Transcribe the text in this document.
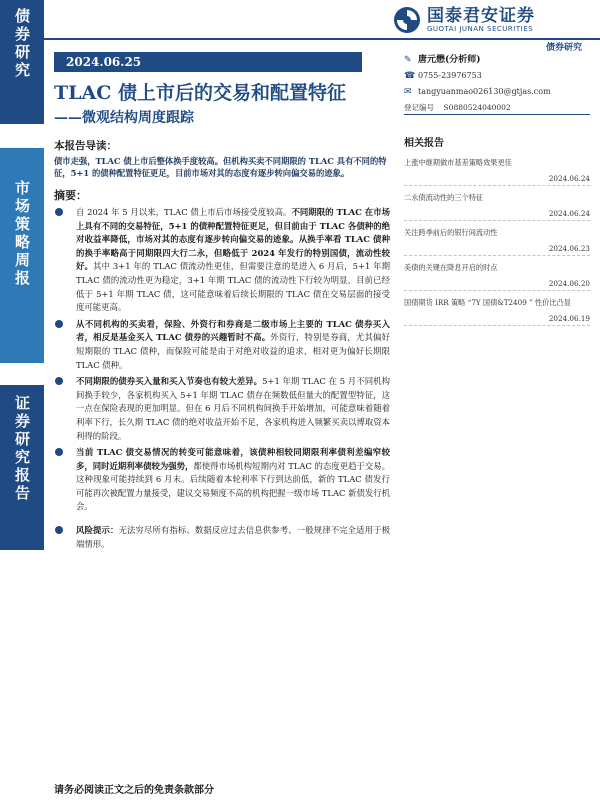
债券研究
市场策略周报
证券研究报告
国泰君安证券
GUOTAI JUNAN SECURITIES
债券研究
2024.06.25
TLAC 债上市后的交易和配置特征
——微观结构周度跟踪
本报告导读：
债市走强，TLAC 债上市后整体换手度较高。但机构买卖不同期限的 TLAC 具有不同的特征，5+1 的债种配置特征更足，目前市场对其的态度有逐步转向偏交易的迹象。
摘要：
自 2024 年 5 月以来，TLAC 债上市后市场接受度较高。不同期限的 TLAC 在市场上具有不同的交易特征，5+1 的债种配置特征更足，但目前由于 TLAC 各债种的绝对收益率降低，市场对其的态度有逐步转向偏交易的迹象。从换手率看 TLAC 债种的换手率略高于同期限四大行二永，但略低于 2024 年发行的特别国债，流动性较好。其中 3+1 年的 TLAC 债流动性更佳，但需要注意的是进入 6 月后，5+1 年期 TLAC 债的流动性更为稳定，3+1 年期 TLAC 债的流动性下行较为明显，目前已经低于 5+1 年期 TLAC 债，这可能意味着后续长期限的 TLAC 债在交易层面的接受度可能更高。
从不同机构的买卖看，保险、外资行和券商是二级市场上主要的 TLAC 债券买入者，相反是基金买入 TLAC 债券的兴趣暂时不高。外资行，特别是券商，尤其偏好短期限的 TLAC 债种，而保险可能是由于对绝对收益的追求，相对更为偏好长期限 TLAC 债种。
不同期限的债券买入量和买入节奏也有较大差异。5+1 年期 TLAC 在 5 月不同机构间换手较少，各家机构买入 5+1 年期 TLAC 债存在频数低但量大的配置型特征，这一点在保险表现的更加明显。但在 6 月后不同机构间换手开始增加，可能意味着随着利率下行，长久期 TLAC 债的绝对收益开始不足，各家机构进入频繁买卖以博取资本利得的阶段。
当前 TLAC 债交易情况的转变可能意味着，该债种相较同期限利率债利差编窄较多，同时近期利率债较为强势，都使得市场机构短期内对 TLAC 的态度更趋于交易。这种现象可能持续到 6 月末。后续随着本轮利率下行到达前低，新的 TLAC 债发行可能再次被配置力量接受，建议交易频度不高的机构把握一级市场 TLAC 新债发行机会。
风险提示：无法穷尽所有指标、数据反应过去信息供参考、一般规律不完全适用于极端情形。
✎ 唐元懋(分析师)
☎ 0755-23976753
✉ tangyuanmao026130@gtjas.com
登记编号 S0880524040002
相关报告
上涨中继期做市基差策略效果更佳
2024.06.24
二永债流动性的三个特征
2024.06.24
关注跨季前后的银行间流动性
2024.06.23
美债的关键在降息开启的时点
2024.06.20
国债期货 IRR 策略 “7Y 国债&T2409 ” 性价比凸显
2024.06.19
请务必阅读正文之后的免责条款部分
